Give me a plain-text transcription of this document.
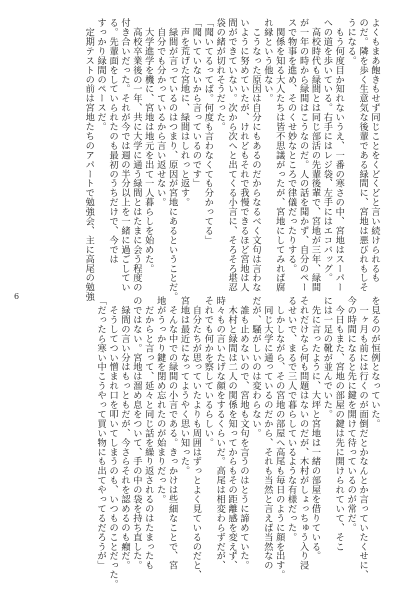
よくもまあ飽きもせず同じことをくどくどと言い続けられるも
のだ。隣を歩く生意気な後輩である緑間に、宮地は悪びれもしそ
うになる。
　もう何度目か知れないうえ、一番の寒さの中、宮地はスーパー
への道を歩いている。右手にはレジ袋、左手にはエコバッグ。
　高校時代も緑間とは同じ部活の先輩後輩で、宮地が三年、緑間
が一年の時から緑間はこうなのだ。人の話を聞かず、自分のペー
スで物事を進め、そのくせ妙なところで律儀だったりする。
　関係を知る大人たちは皆不思議がったが、宮地にしてみれば腐
れ縁という他ない。
　こうなった原因は自分にもあるのだからなるべく文句は言わな
いように努めていたが、けれどもそれで我慢できるほど宮地は人
間ができていない。次から次へと出てくる小言に、そろそろ堪忍
袋の緒が切れそうだった。
「聞いてるってば。何度も言わなくても分かってる」
「聞いていないから言っているのです」
　声を荒げた宮地に、緑間はしれっと返す。
　緑間が言っているのはつまり、原因が宮地にあるということだ。
　自分でも分かっているから言い返せない。
　大学進学を機に、宮地は地元を出て一人暮らしを始めた。
　高校卒業後の一年、共に大学に通う緑間とはたまに会う程度の
付き合いだった。それが今では週の半分以上を一緒に過ごしてい
る。先輩面をしていられたのも最初のうちだけで、今では
すっかり緑間のペースだ。
　定期テストの前は宮地たちのアパートで勉強会、主に高尾の勉強
を見るのが恒例となっていた。
　一ヶ月も前には行くのが面倒だとかなんとか言っていたくせに、
今の時間になると先に鍵を開けて待っているのが常だ。
　今日もまた、宮地の部屋の鍵は先に開けられていて、そこ
には一足の靴が並んでいた。
　先に言ったように、大坪と宮地は一緒の部屋を借りている。
それだけなら何も問題はないのだが、木村がしょっちゅう入り浸
るせいで、まるで三人で暮らしているような有様だった。
　しかしながら、その宮地の部屋へ高尾も毎日のように顔を出す。
　同じ大学に通っているのだから、それも当然と言えば当然なの
だが、騒がしいのは変わらない。
　誰も止めないので、宮地も文句を言うのはとうに諦めていた。
　木村と緑間は二人の関係を知ってからもその距離感を変えず、
時々もの言いたげな顔をするくらいだ。高尾は相変わらずだが、
それでも何かを察しているらしい。
　自分たちが思っていたよりも周囲はずっとよく見ているのだと、
宮地は最近になってようやく思い知った。
　そんな中での緑間の小言である。きっかけは些細なことで、宮
地がうっかり鍵を閉め忘れたのが始まりだった。
　だからと言って、延々と同じ話を繰り返されるのはたまったも
のではない。宮地は溜め息をついて、手の中の袋を持ち直した。
　緑間の言い分はもっともだが、今さらそれを認めるのも癪だ。
　そうしてつい憎まれ口を叩いてしまうのも、いつものことだった。
「だったら寒い中こうやって買い物にも出てやってるだろうが」
6
